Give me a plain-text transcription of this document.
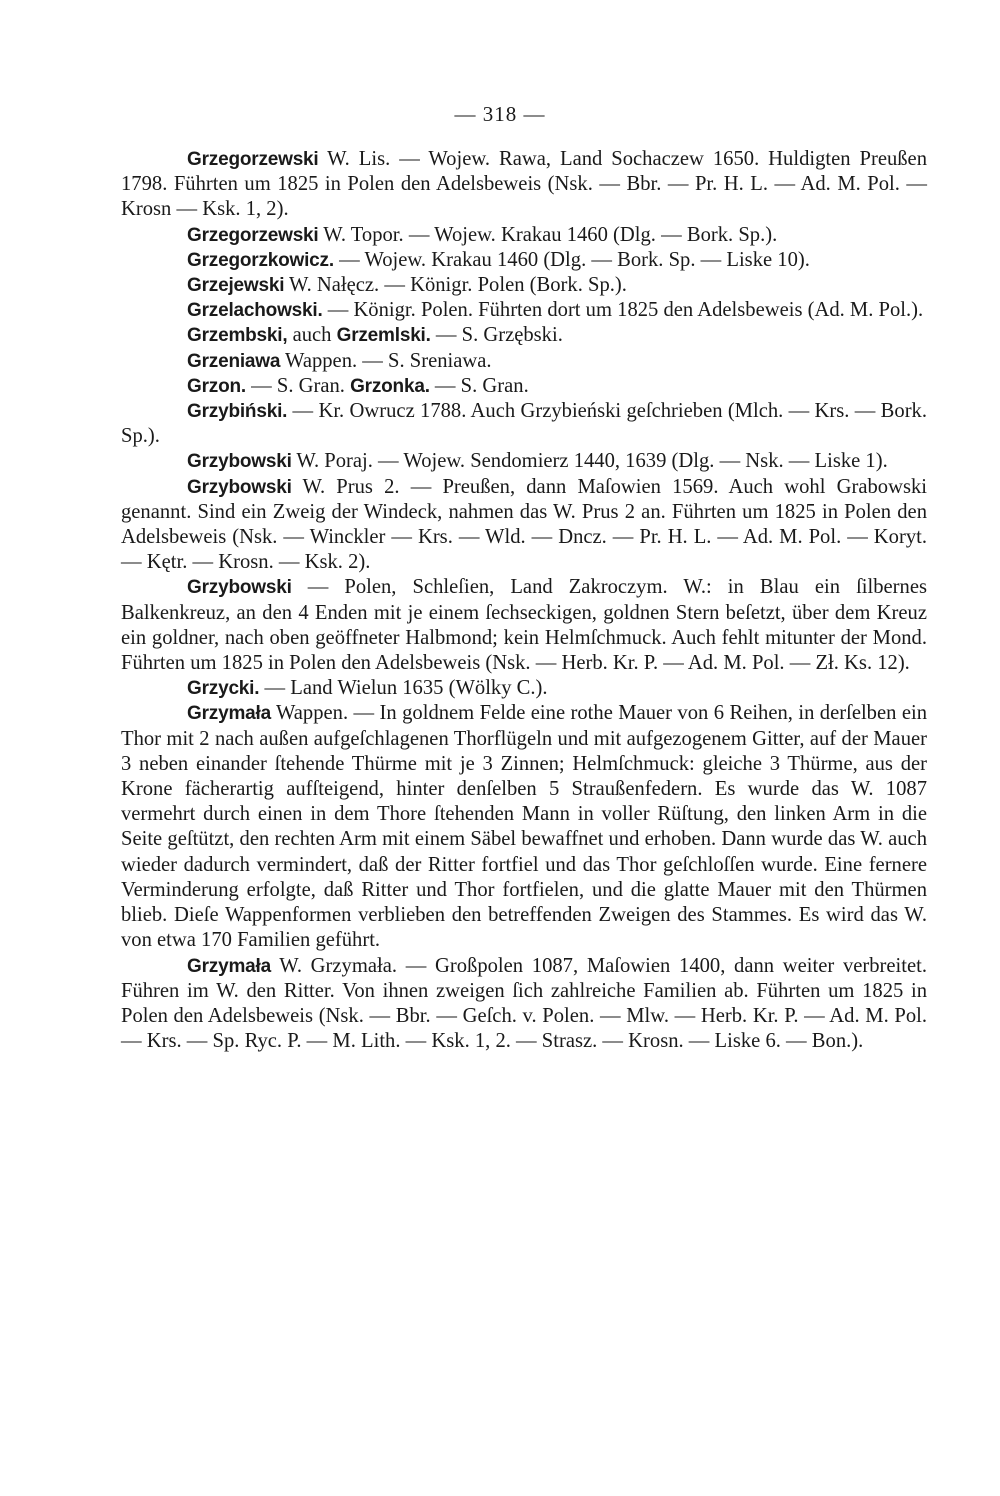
— 318 —

Grzegorzewski W. Lis. — Wojew. Rawa, Land Sochaczew 1650. Huldigten Preußen 1798. Führten um 1825 in Polen den Adelsbeweis (Nsk. — Bbr. — Pr. H. L. — Ad. M. Pol. — Krosn — Ksk. 1, 2).

Grzegorzewski W. Topor. — Wojew. Krakau 1460 (Dlg. — Bork. Sp.).

Grzegorzkowicz. — Wojew. Krakau 1460 (Dlg. — Bork. Sp. — Liske 10).

Grzejewski W. Nałęcz. — Königr. Polen (Bork. Sp.).

Grzelachowski. — Königr. Polen. Führten dort um 1825 den Adelsbeweis (Ad. M. Pol.).

Grzembski, auch Grzemlski. — S. Grzębski.

Grzeniawa Wappen. — S. Sreniawa.

Grzon. — S. Gran. Grzonka. — S. Gran.

Grzybiński. — Kr. Owrucz 1788. Auch Grzybieński geſchrieben (Mlch. — Krs. — Bork. Sp.).

Grzybowski W. Poraj. — Wojew. Sendomierz 1440, 1639 (Dlg. — Nsk. — Liske 1).

Grzybowski W. Prus 2. — Preußen, dann Maſowien 1569. Auch wohl Grabowski genannt. Sind ein Zweig der Windeck, nahmen das W. Prus 2 an. Führten um 1825 in Polen den Adelsbeweis (Nsk. — Winckler — Krs. — Wld. — Dncz. — Pr. H. L. — Ad. M. Pol. — Koryt. — Kętr. — Krosn. — Ksk. 2).

Grzybowski — Polen, Schleſien, Land Zakroczym. W.: in Blau ein ſilbernes Balkenkreuz, an den 4 Enden mit je einem ſechseckigen, goldnen Stern beſetzt, über dem Kreuz ein goldner, nach oben geöffneter Halbmond; kein Helmſchmuck. Auch fehlt mitunter der Mond. Führten um 1825 in Polen den Adelsbeweis (Nsk. — Herb. Kr. P. — Ad. M. Pol. — Zł. Ks. 12).

Grzycki. — Land Wielun 1635 (Wölky C.).

Grzymała Wappen. — In goldnem Felde eine rothe Mauer von 6 Reihen, in derſelben ein Thor mit 2 nach außen aufgeſchlagenen Thorflügeln und mit aufgezogenem Gitter, auf der Mauer 3 neben einander ſtehende Thürme mit je 3 Zinnen; Helmſchmuck: gleiche 3 Thürme, aus der Krone fächerartig aufſteigend, hinter denſelben 5 Straußenfedern. Es wurde das W. 1087 vermehrt durch einen in dem Thore ſtehenden Mann in voller Rüſtung, den linken Arm in die Seite geſtützt, den rechten Arm mit einem Säbel bewaffnet und erhoben. Dann wurde das W. auch wieder dadurch vermindert, daß der Ritter fortfiel und das Thor geſchloſſen wurde. Eine fernere Verminderung erfolgte, daß Ritter und Thor fortfielen, und die glatte Mauer mit den Thürmen blieb. Dieſe Wappenformen verblieben den betreffenden Zweigen des Stammes. Es wird das W. von etwa 170 Familien geführt.

Grzymała W. Grzymała. — Großpolen 1087, Maſowien 1400, dann weiter verbreitet. Führen im W. den Ritter. Von ihnen zweigen ſich zahlreiche Familien ab. Führten um 1825 in Polen den Adelsbeweis (Nsk. — Bbr. — Geſch. v. Polen. — Mlw. — Herb. Kr. P. — Ad. M. Pol. — Krs. — Sp. Ryc. P. — M. Lith. — Ksk. 1, 2. — Strasz. — Krosn. — Liske 6. — Bon.).
